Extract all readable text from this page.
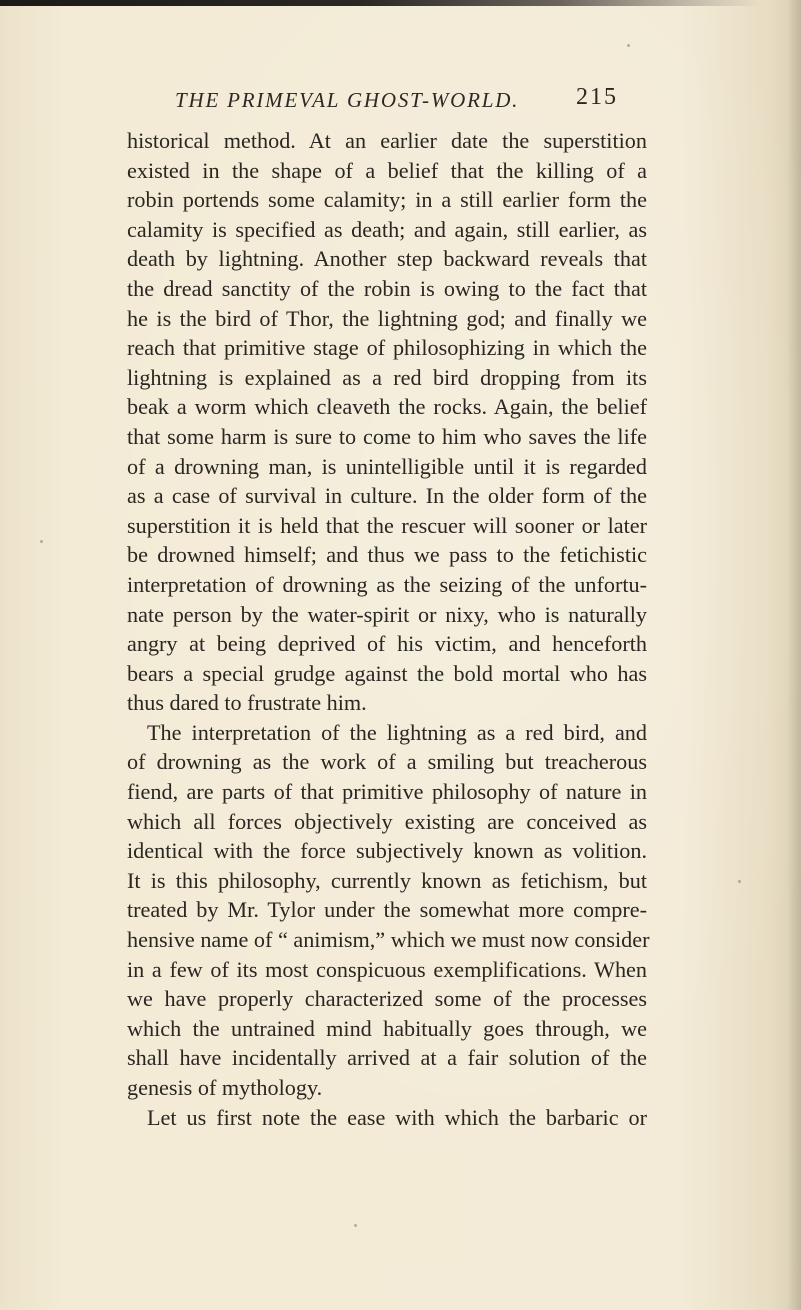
THE PRIMEVAL GHOST-WORLD. 215
historical method. At an earlier date the superstition
existed in the shape of a belief that the killing of a
robin portends some calamity; in a still earlier form the
calamity is specified as death; and again, still earlier, as
death by lightning. Another step backward reveals that
the dread sanctity of the robin is owing to the fact that
he is the bird of Thor, the lightning god; and finally we
reach that primitive stage of philosophizing in which the
lightning is explained as a red bird dropping from its
beak a worm which cleaveth the rocks. Again, the belief
that some harm is sure to come to him who saves the life
of a drowning man, is unintelligible until it is regarded
as a case of survival in culture. In the older form of the
superstition it is held that the rescuer will sooner or later
be drowned himself; and thus we pass to the fetichistic
interpretation of drowning as the seizing of the unfortu-
nate person by the water-spirit or nixy, who is naturally
angry at being deprived of his victim, and henceforth
bears a special grudge against the bold mortal who has
thus dared to frustrate him.
The interpretation of the lightning as a red bird, and
of drowning as the work of a smiling but treacherous
fiend, are parts of that primitive philosophy of nature in
which all forces objectively existing are conceived as
identical with the force subjectively known as volition.
It is this philosophy, currently known as fetichism, but
treated by Mr. Tylor under the somewhat more compre-
hensive name of “ animism,” which we must now consider
in a few of its most conspicuous exemplifications. When
we have properly characterized some of the processes
which the untrained mind habitually goes through, we
shall have incidentally arrived at a fair solution of the
genesis of mythology.
Let us first note the ease with which the barbaric or
